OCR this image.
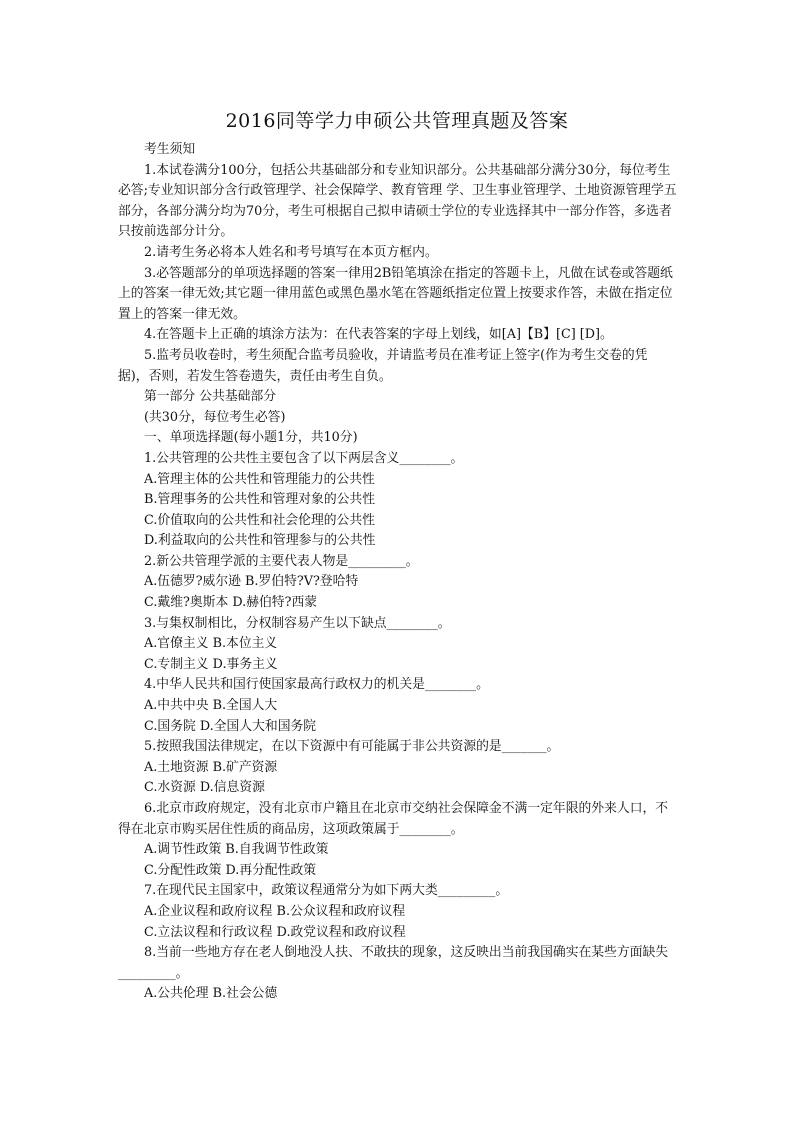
2016同等学力申硕公共管理真题及答案

考生须知

1.本试卷满分100分，包括公共基础部分和专业知识部分。公共基础部分满分30分，每位考生必答;专业知识部分含行政管理学、社会保障学、教育管理 学、卫生事业管理学、土地资源管理学五部分，各部分满分均为70分，考生可根据自己拟申请硕士学位的专业选择其中一部分作答，多选者只按前选部分计分。

2.请考生务必将本人姓名和考号填写在本页方框内。

3.必答题部分的单项选择题的答案一律用2B铅笔填涂在指定的答题卡上，凡做在试卷或答题纸上的答案一律无效;其它题一律用蓝色或黑色墨水笔在答题纸指定位置上按要求作答，未做在指定位置上的答案一律无效。

4.在答题卡上正确的填涂方法为：在代表答案的字母上划线，如[A]【B】[C] [D]。

5.监考员收卷时，考生须配合监考员验收，并请监考员在准考证上签字(作为考生交卷的凭据)，否则，若发生答卷遗失，责任由考生自负。

第一部分 公共基础部分

(共30分，每位考生必答)

一、单项选择题(每小题1分，共10分)

1.公共管理的公共性主要包含了以下两层含义________。

A.管理主体的公共性和管理能力的公共性

B.管理事务的公共性和管理对象的公共性

C.价值取向的公共性和社会伦理的公共性

D.利益取向的公共性和管理参与的公共性

2.新公共管理学派的主要代表人物是_________。

A.伍德罗?威尔逊 B.罗伯特?V?登哈特

C.戴维?奥斯本 D.赫伯特?西蒙

3.与集权制相比，分权制容易产生以下缺点________。

A.官僚主义 B.本位主义

C.专制主义 D.事务主义

4.中华人民共和国行使国家最高行政权力的机关是________。

A.中共中央 B.全国人大

C.国务院 D.全国人大和国务院

5.按照我国法律规定，在以下资源中有可能属于非公共资源的是_______。

A.土地资源 B.矿产资源

C.水资源 D.信息资源

6.北京市政府规定，没有北京市户籍且在北京市交纳社会保障金不满一定年限的外来人口，不得在北京市购买居住性质的商品房，这项政策属于________。

A.调节性政策 B.自我调节性政策

C.分配性政策 D.再分配性政策

7.在现代民主国家中，政策议程通常分为如下两大类_________。

A.企业议程和政府议程 B.公众议程和政府议程

C.立法议程和行政议程 D.政党议程和政府议程

8.当前一些地方存在老人倒地没人扶、不敢扶的现象，这反映出当前我国确实在某些方面缺失_________。

A.公共伦理 B.社会公德
